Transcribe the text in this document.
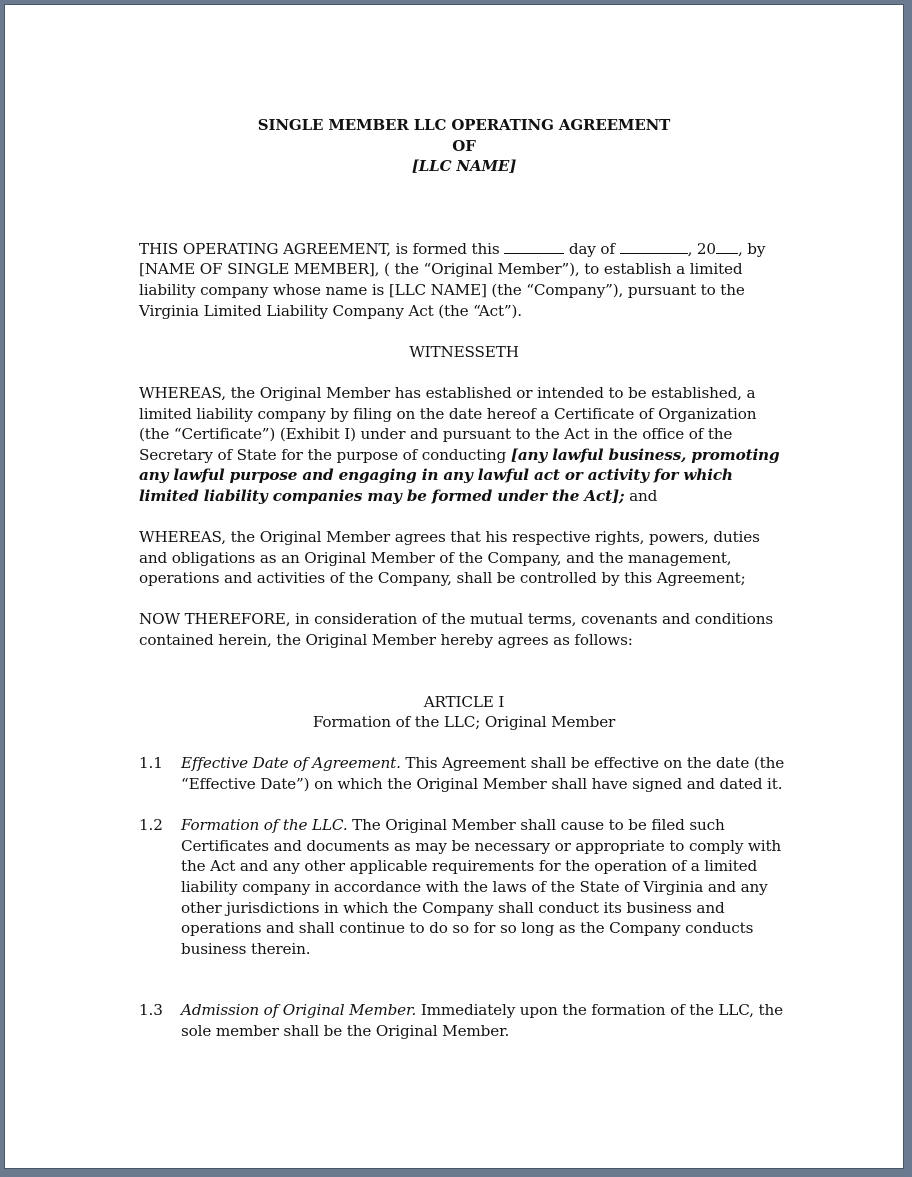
SINGLE MEMBER LLC OPERATING AGREEMENT
OF
[LLC NAME]

THIS OPERATING AGREEMENT, is formed this	day of	, 20 , by [NAME OF SINGLE MEMBER], ( the “Original Member”), to establish a limited liability company whose name is [LLC NAME] (the “Company”), pursuant to the Virginia Limited Liability Company Act (the “Act”).

WITNESSETH

WHEREAS, the Original Member has established or intended to be established, a limited liability company by filing on the date hereof a Certificate of Organization (the “Certificate”) (Exhibit I) under and pursuant to the Act in the office of the Secretary of State for the purpose of conducting [any lawful business, promoting any lawful purpose and engaging in any lawful act or activity for which limited liability companies may be formed under the Act]; and

WHEREAS, the Original Member agrees that his respective rights, powers, duties and obligations as an Original Member of the Company, and the management, operations and activities of the Company, shall be controlled by this Agreement;

NOW THEREFORE, in consideration of the mutual terms, covenants and conditions contained herein, the Original Member hereby agrees as follows:

ARTICLE I
Formation of the LLC; Original Member
1.1	Effective Date of Agreement. This Agreement shall be effective on the date (the “Effective Date”) on which the Original Member shall have signed and dated it.
1.2	Formation of the LLC. The Original Member shall cause to be filed such Certificates and documents as may be necessary or appropriate to comply with the Act and any other applicable requirements for the operation of a limited liability company in accordance with the laws of the State of Virginia and any other jurisdictions in which the Company shall conduct its business and operations and shall continue to do so for so long as the Company conducts business therein.
1.3	Admission of Original Member. Immediately upon the formation of the LLC, the sole member shall be the Original Member.
